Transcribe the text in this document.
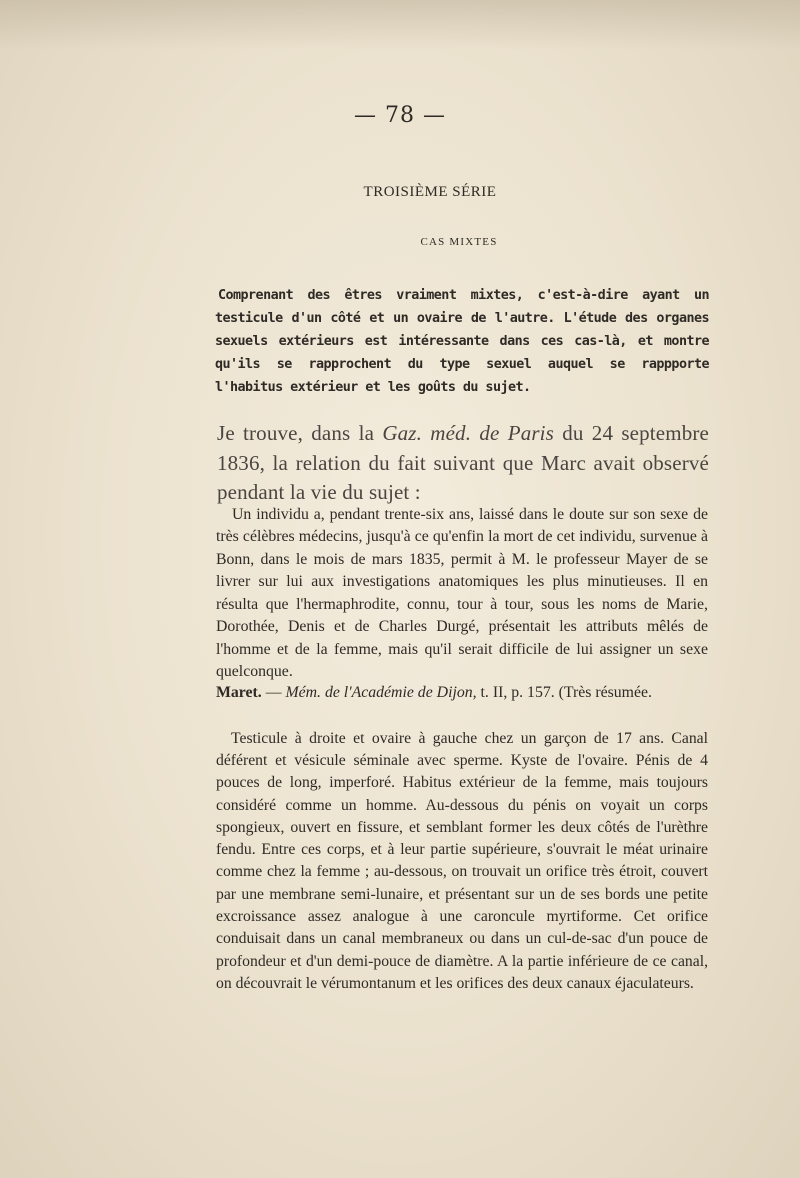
— 78 —
TROISIÈME SÉRIE
CAS MIXTES

Comprenant des êtres vraiment mixtes, c'est-à-dire ayant un testicule d'un côté et un ovaire de l'autre. L'étude des organes sexuels extérieurs est intéressante dans ces cas-là, et montre qu'ils se rapprochent du type sexuel auquel se rappporte l'habitus extérieur et les goûts du sujet.

Je trouve, dans la Gaz. méd. de Paris du 24 septembre 1836, la relation du fait suivant que Marc avait observé pendant la vie du sujet :

Un individu a, pendant trente-six ans, laissé dans le doute sur son sexe de très célèbres médecins, jusqu'à ce qu'enfin la mort de cet individu, survenue à Bonn, dans le mois de mars 1835, permit à M. le professeur Mayer de se livrer sur lui aux investigations anatomiques les plus minutieuses. Il en résulta que l'hermaphrodite, connu, tour à tour, sous les noms de Marie, Dorothée, Denis et de Charles Durgé, présentait les attributs mêlés de l'homme et de la femme, mais qu'il serait difficile de lui assigner un sexe quelconque.

Maret. — Mém. de l'Académie de Dijon, t. II, p. 157. (Très résumée.

Testicule à droite et ovaire à gauche chez un garçon de 17 ans. Canal déférent et vésicule séminale avec sperme. Kyste de l'ovaire. Pénis de 4 pouces de long, imperforé. Habitus extérieur de la femme, mais toujours considéré comme un homme. Au-dessous du pénis on voyait un corps spongieux, ouvert en fissure, et semblant former les deux côtés de l'urèthre fendu. Entre ces corps, et à leur partie supérieure, s'ouvrait le méat urinaire comme chez la femme ; au-dessous, on trouvait un orifice très étroit, couvert par une membrane semi-lunaire, et présentant sur un de ses bords une petite excroissance assez analogue à une caroncule myrtiforme. Cet orifice conduisait dans un canal membraneux ou dans un cul-de-sac d'un pouce de profondeur et d'un demi-pouce de diamètre. A la partie inférieure de ce canal, on découvrait le vérumontanum et les orifices des deux canaux éjaculateurs.
